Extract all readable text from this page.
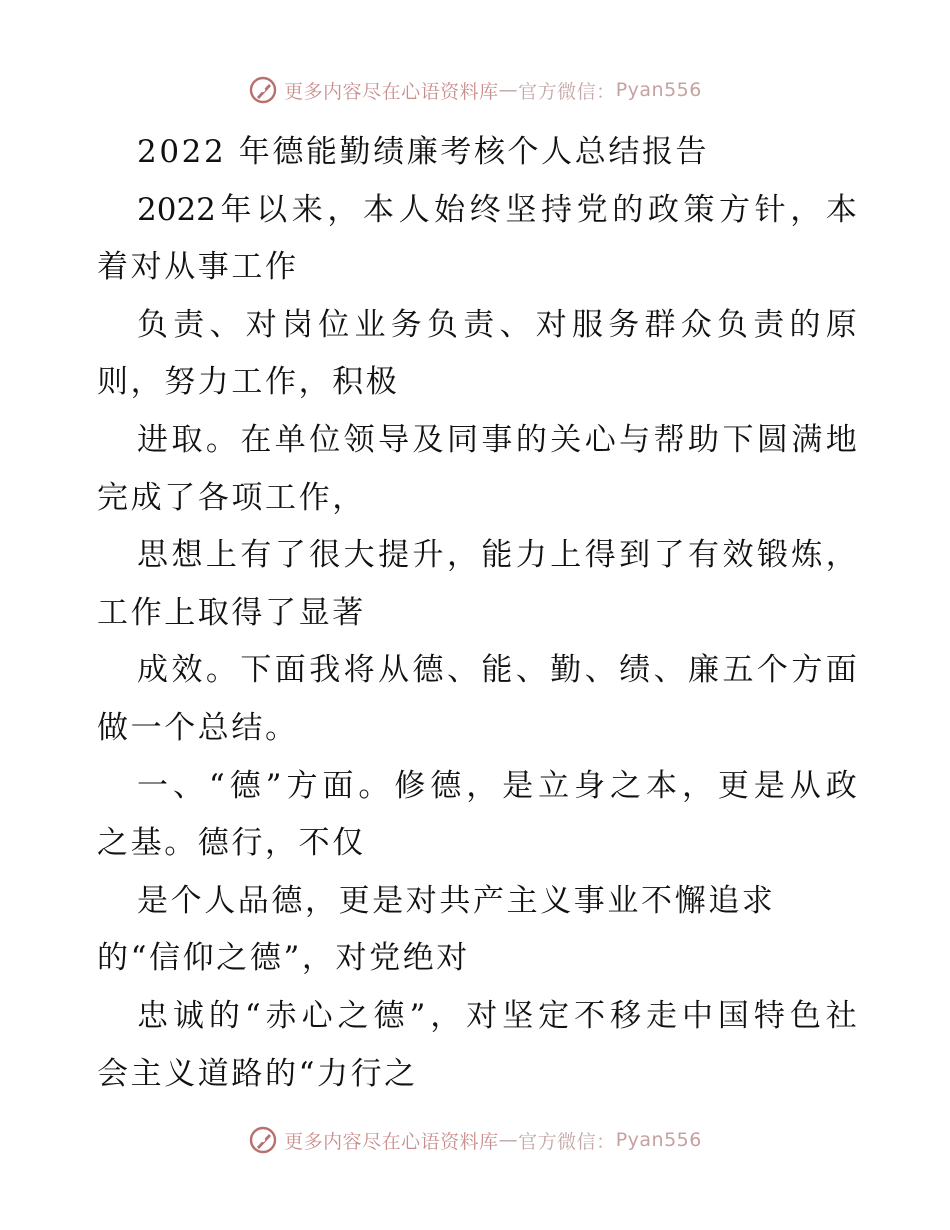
更多内容尽在心语资料库 — 官方微信： Pyan556
2022 年德能勤绩廉考核个人总结报告
2022 年 以 来 ， 本 人 始 终 坚 持 党 的 政 策 方 针 ， 本
着对从事工作
负 责 、 对 岗 位 业 务 负 责 、 对 服 务 群 众 负 责 的 原
则，努力工作，积极
进 取 。 在 单 位 领 导 及 同 事 的 关 心 与 帮 助 下 圆 满 地
完成了各项工作，
思 想 上 有 了 很 大 提 升 ， 能 力 上 得 到 了 有 效 锻 炼 ，
工作上取得了显著
成 效 。 下 面 我 将 从 德 、 能 、 勤 、 绩 、 廉 五 个 方 面
做一个总结。
一 、 “ 德 ” 方 面 。 修 德 ， 是 立 身 之 本 ， 更 是 从 政
之基。德行，不仅
是个人品德，更是对共产主义事业不懈追求
的“信仰之德”，对党绝对
忠 诚 的 “ 赤 心 之 德 ” ， 对 坚 定 不 移 走 中 国 特 色 社
会主义道路的“力行之
更多内容尽在心语资料库 — 官方微信： Pyan556
